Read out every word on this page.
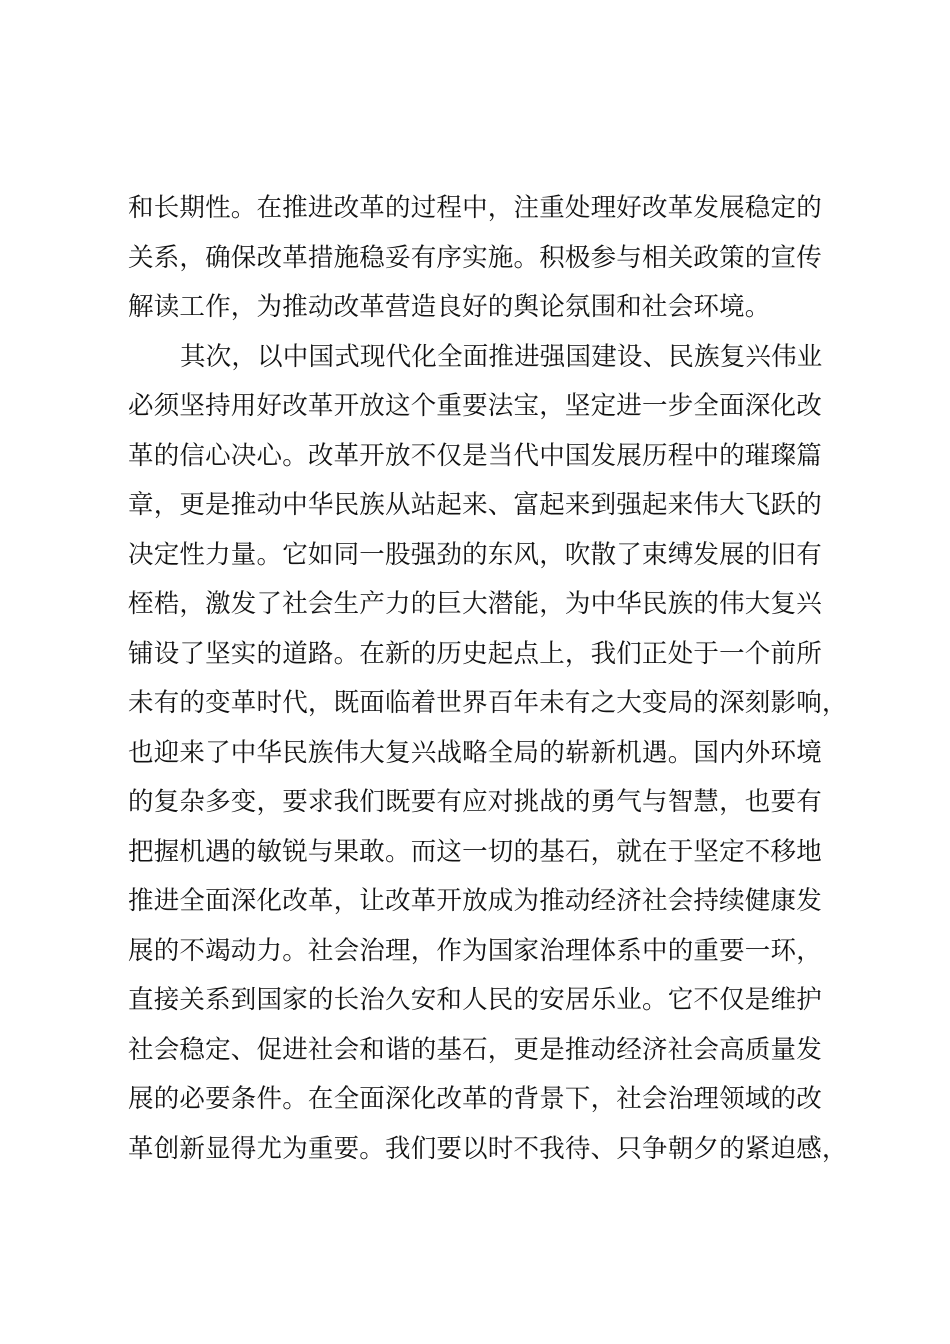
和长期性。在推进改革的过程中，注重处理好改革发展稳定的
关系，确保改革措施稳妥有序实施。积极参与相关政策的宣传
解读工作，为推动改革营造良好的舆论氛围和社会环境。
其次，以中国式现代化全面推进强国建设、民族复兴伟业
必须坚持用好改革开放这个重要法宝，坚定进一步全面深化改
革的信心决心。改革开放不仅是当代中国发展历程中的璀璨篇
章，更是推动中华民族从站起来、富起来到强起来伟大飞跃的
决定性力量。它如同一股强劲的东风，吹散了束缚发展的旧有
桎梏，激发了社会生产力的巨大潜能，为中华民族的伟大复兴
铺设了坚实的道路。在新的历史起点上，我们正处于一个前所
未有的变革时代，既面临着世界百年未有之大变局的深刻影响，
也迎来了中华民族伟大复兴战略全局的崭新机遇。国内外环境
的复杂多变，要求我们既要有应对挑战的勇气与智慧，也要有
把握机遇的敏锐与果敢。而这一切的基石，就在于坚定不移地
推进全面深化改革，让改革开放成为推动经济社会持续健康发
展的不竭动力。社会治理，作为国家治理体系中的重要一环，
直接关系到国家的长治久安和人民的安居乐业。它不仅是维护
社会稳定、促进社会和谐的基石，更是推动经济社会高质量发
展的必要条件。在全面深化改革的背景下，社会治理领域的改
革创新显得尤为重要。我们要以时不我待、只争朝夕的紧迫感，
